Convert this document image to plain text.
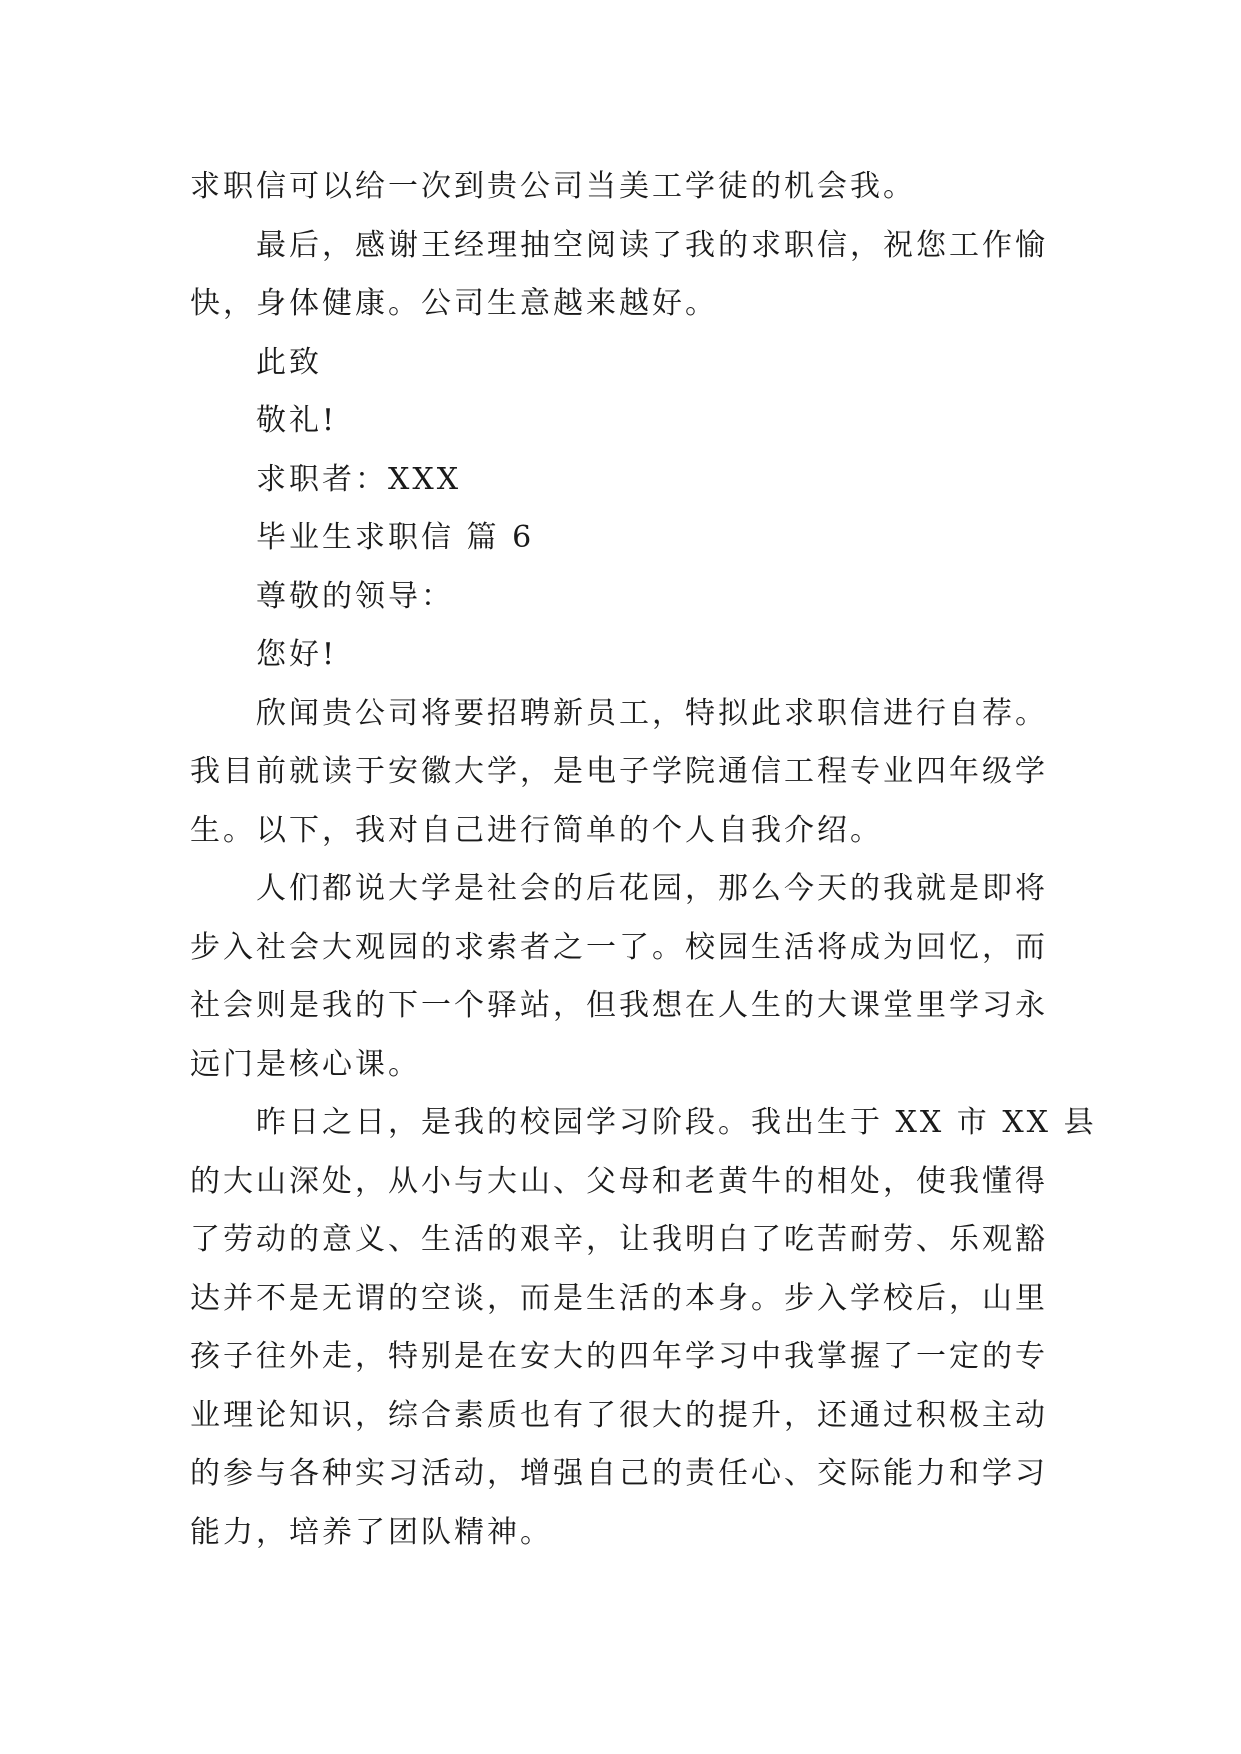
求职信可以给一次到贵公司当美工学徒的机会我。
最后，感谢王经理抽空阅读了我的求职信，祝您工作愉
快，身体健康。公司生意越来越好。
此致
敬礼!
求职者：XXX
毕业生求职信 篇 6
尊敬的领导：
您好!
欣闻贵公司将要招聘新员工，特拟此求职信进行自荐。
我目前就读于安徽大学，是电子学院通信工程专业四年级学
生。以下，我对自己进行简单的个人自我介绍。
人们都说大学是社会的后花园，那么今天的我就是即将
步入社会大观园的求索者之一了。校园生活将成为回忆，而
社会则是我的下一个驿站，但我想在人生的大课堂里学习永
远门是核心课。
昨日之日，是我的校园学习阶段。我出生于 XX 市 XX 县
的大山深处，从小与大山、父母和老黄牛的相处，使我懂得
了劳动的意义、生活的艰辛，让我明白了吃苦耐劳、乐观豁
达并不是无谓的空谈，而是生活的本身。步入学校后，山里
孩子往外走，特别是在安大的四年学习中我掌握了一定的专
业理论知识，综合素质也有了很大的提升，还通过积极主动
的参与各种实习活动，增强自己的责任心、交际能力和学习
能力，培养了团队精神。
